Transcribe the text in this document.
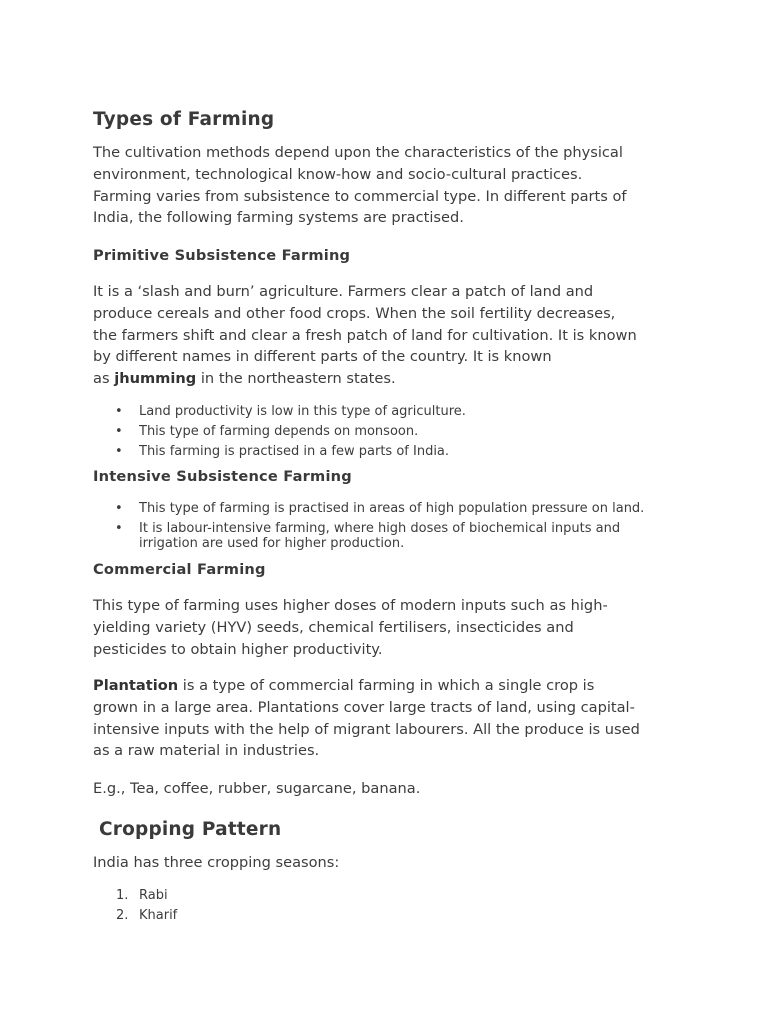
Types of Farming

The cultivation methods depend upon the characteristics of the physical
environment, technological know-how and socio-cultural practices.
Farming varies from subsistence to commercial type. In different parts of
India, the following farming systems are practised.

Primitive Subsistence Farming

It is a ‘slash and burn’ agriculture. Farmers clear a patch of land and
produce cereals and other food crops. When the soil fertility decreases,
the farmers shift and clear a fresh patch of land for cultivation. It is known
by different names in different parts of the country. It is known
as jhumming in the northeastern states.

• Land productivity is low in this type of agriculture.
• This type of farming depends on monsoon.
• This farming is practised in a few parts of India.
Intensive Subsistence Farming
• This type of farming is practised in areas of high population pressure on land.
• It is labour-intensive farming, where high doses of biochemical inputs and
irrigation are used for higher production.
Commercial Farming

This type of farming uses higher doses of modern inputs such as high-
yielding variety (HYV) seeds, chemical fertilisers, insecticides and
pesticides to obtain higher productivity.

Plantation is a type of commercial farming in which a single crop is
grown in a large area. Plantations cover large tracts of land, using capital-
intensive inputs with the help of migrant labourers. All the produce is used
as a raw material in industries.

E.g., Tea, coffee, rubber, sugarcane, banana.

Cropping Pattern

India has three cropping seasons:

1. Rabi
2. Kharif
